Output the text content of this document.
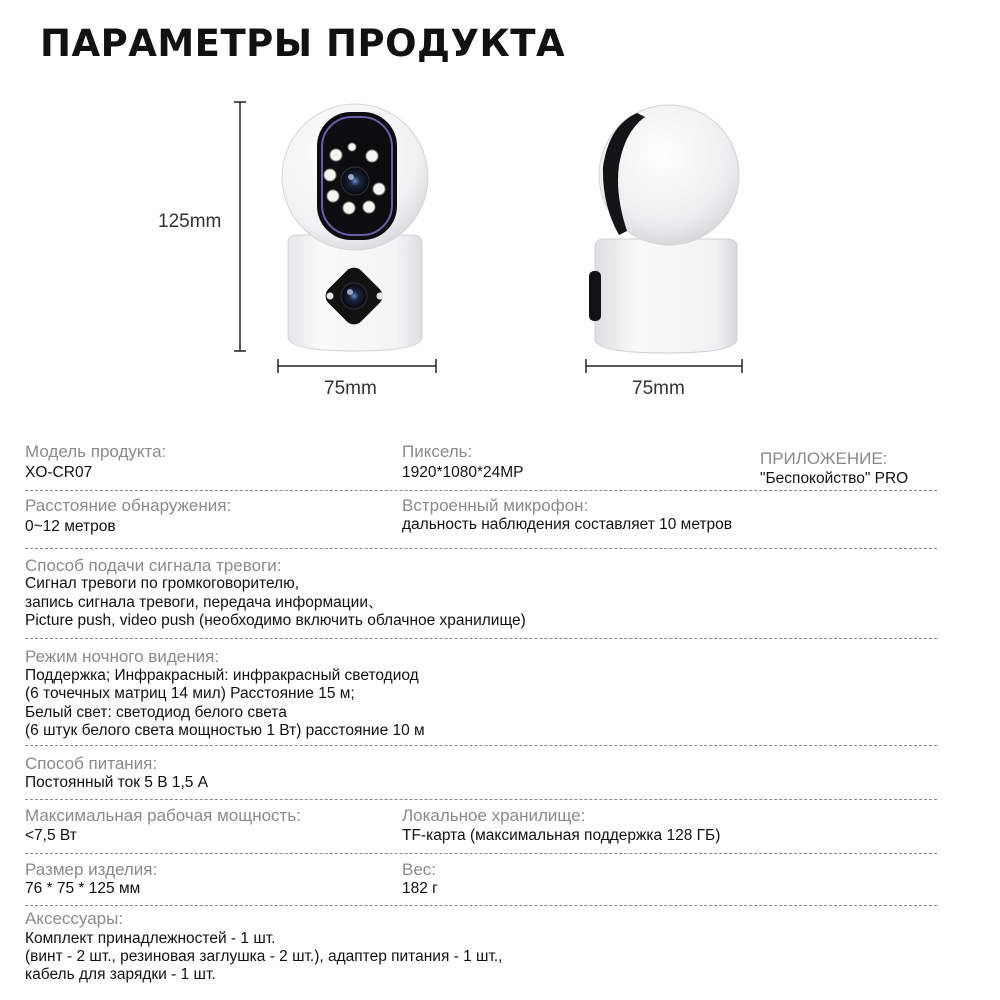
ПАРАМЕТРЫ ПРОДУКТА
125mm
75mm	75mm
Модель продукта:
XO-CR07
Пиксель:
1920*1080*24MP
ПРИЛОЖЕНИЕ:
"Беспокойство" PRO
Расстояние обнаружения:
0~12 метров
Встроенный микрофон:
дальность наблюдения составляет 10 метров
Способ подачи сигнала тревоги:
Сигнал тревоги по громкоговорителю,
запись сигнала тревоги, передача информации、
Picture push, video push (необходимо включить облачное хранилище)
Режим ночного видения:
Поддержка; Инфракрасный: инфракрасный светодиод
(6 точечных матриц 14 мил) Расстояние 15 м;
Белый свет: светодиод белого света
(6 штук белого света мощностью 1 Вт) расстояние 10 м
Способ питания:
Постоянный ток 5 В 1,5 А
Максимальная рабочая мощность:
<7,5 Вт
Локальное хранилище:
TF-карта (максимальная поддержка 128 ГБ)
Размер изделия:
76 * 75 * 125 мм
Вес:
182 г
Аксессуары:
Комплект принадлежностей - 1 шт.
(винт - 2 шт., резиновая заглушка - 2 шт.), адаптер питания - 1 шт.,
кабель для зарядки - 1 шт.
